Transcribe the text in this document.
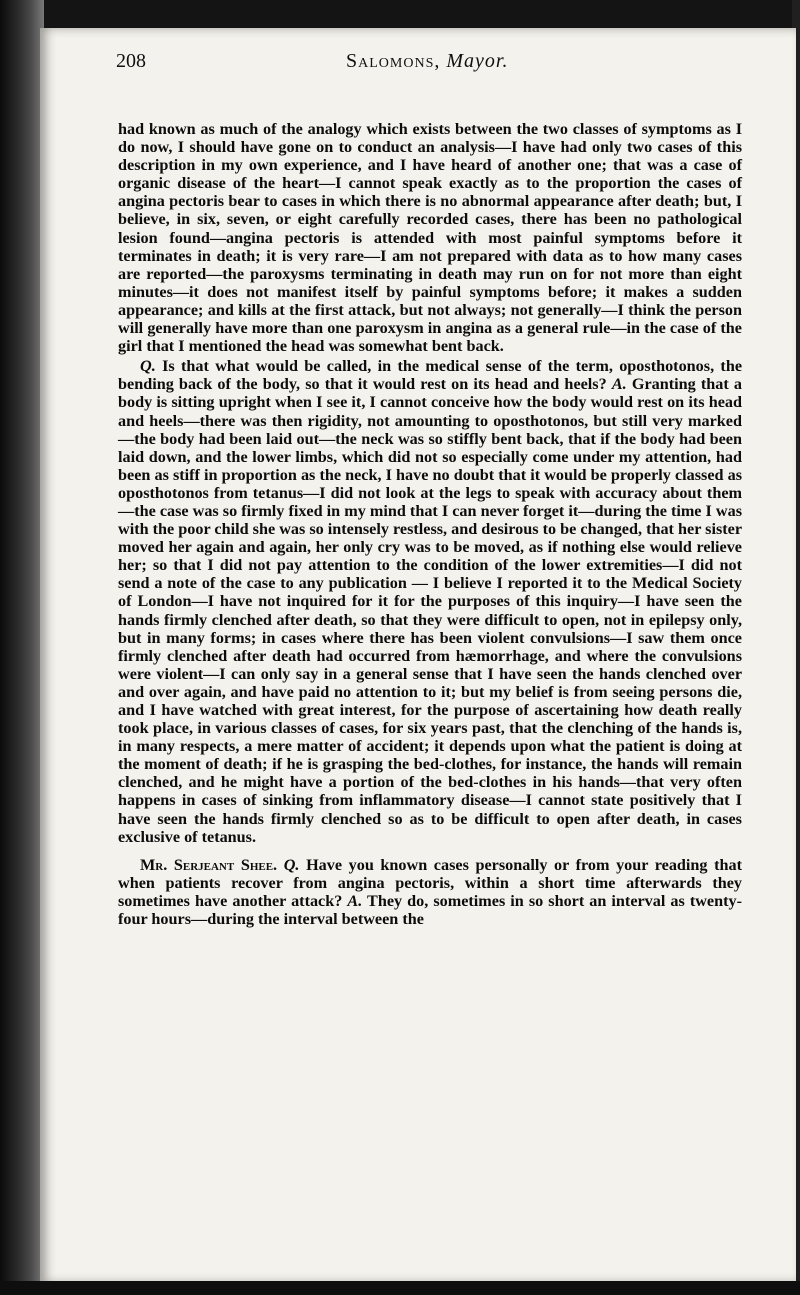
208	Salomons, Mayor.

had known as much of the analogy which exists between the two classes of symptoms as I do now, I should have gone on to conduct an analysis—I have had only two cases of this description in my own experience, and I have heard of another one; that was a case of organic disease of the heart—I cannot speak exactly as to the proportion the cases of angina pectoris bear to cases in which there is no abnormal appearance after death; but, I believe, in six, seven, or eight carefully recorded cases, there has been no pathological lesion found—angina pectoris is attended with most painful symptoms before it terminates in death; it is very rare—I am not prepared with data as to how many cases are reported—the paroxysms terminating in death may run on for not more than eight minutes—it does not manifest itself by painful symptoms before; it makes a sudden appearance; and kills at the first attack, but not always; not generally—I think the person will generally have more than one paroxysm in angina as a general rule—in the case of the girl that I mentioned the head was somewhat bent back.

Q. Is that what would be called, in the medical sense of the term, oposthotonos, the bending back of the body, so that it would rest on its head and heels? A. Granting that a body is sitting upright when I see it, I cannot conceive how the body would rest on its head and heels—there was then rigidity, not amounting to oposthotonos, but still very marked—the body had been laid out—the neck was so stiffly bent back, that if the body had been laid down, and the lower limbs, which did not so especially come under my attention, had been as stiff in proportion as the neck, I have no doubt that it would be properly classed as oposthotonos from tetanus—I did not look at the legs to speak with accuracy about them—the case was so firmly fixed in my mind that I can never forget it—during the time I was with the poor child she was so intensely restless, and desirous to be changed, that her sister moved her again and again, her only cry was to be moved, as if nothing else would relieve her; so that I did not pay attention to the condition of the lower extremities—I did not send a note of the case to any publication — I believe I reported it to the Medical Society of London—I have not inquired for it for the purposes of this inquiry—I have seen the hands firmly clenched after death, so that they were difficult to open, not in epilepsy only, but in many forms; in cases where there has been violent convulsions—I saw them once firmly clenched after death had occurred from hæmorrhage, and where the convulsions were violent—I can only say in a general sense that I have seen the hands clenched over and over again, and have paid no attention to it; but my belief is from seeing persons die, and I have watched with great interest, for the purpose of ascertaining how death really took place, in various classes of cases, for six years past, that the clenching of the hands is, in many respects, a mere matter of accident; it depends upon what the patient is doing at the moment of death; if he is grasping the bed-clothes, for instance, the hands will remain clenched, and he might have a portion of the bed-clothes in his hands—that very often happens in cases of sinking from inflammatory disease—I cannot state positively that I have seen the hands firmly clenched so as to be difficult to open after death, in cases exclusive of tetanus.

Mr. Serjeant Shee. Q. Have you known cases personally or from your reading that when patients recover from angina pectoris, within a short time afterwards they sometimes have another attack? A. They do, sometimes in so short an interval as twenty-four hours—during the interval between the
